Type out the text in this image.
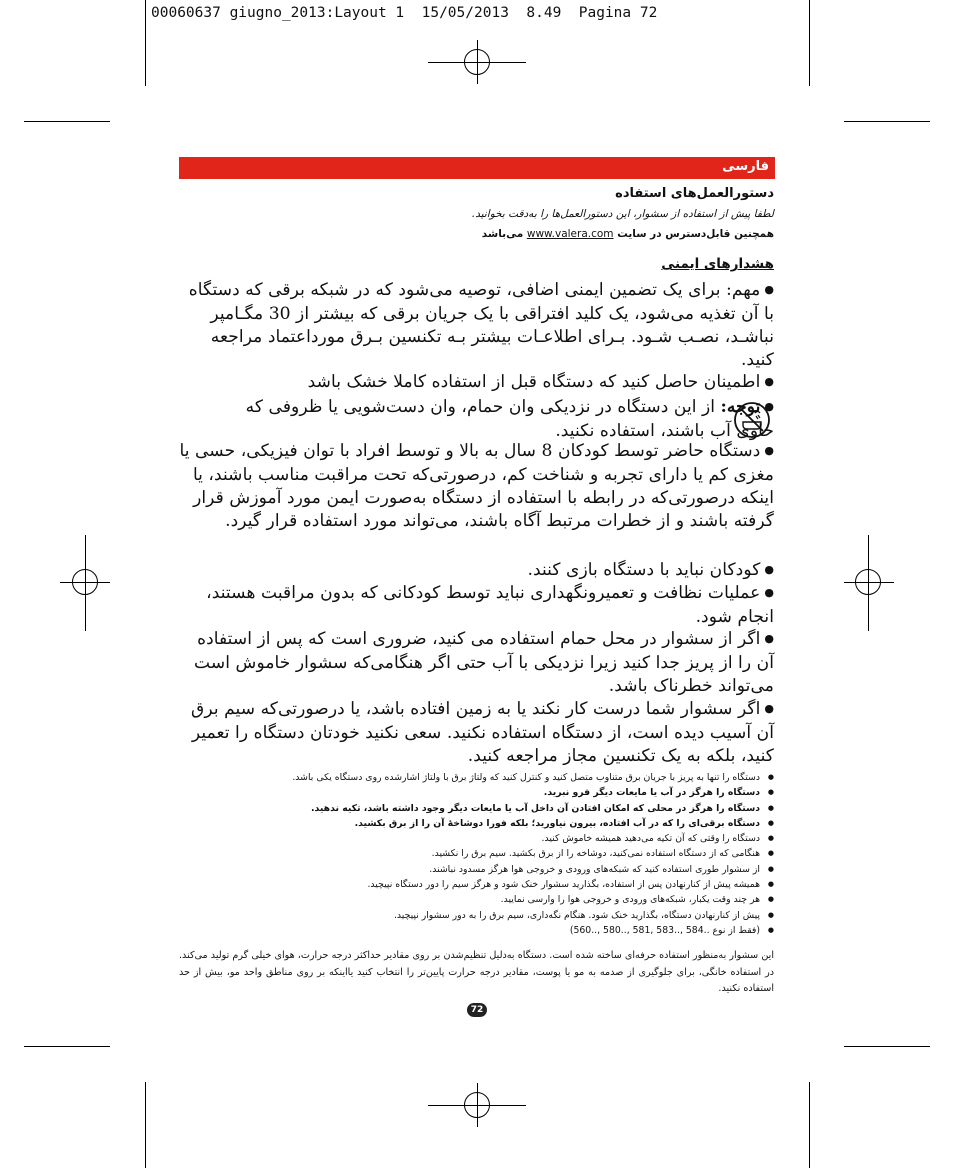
00060637 giugno_2013:Layout 1  15/05/2013  8.49  Pagina 72
فارسی
دستورالعمل‌های استفاده
لطفا پیش از استفاده از سشوار، این دستورالعمل‌ها را به‌دقت بخوانید.
همچنین قابل‌دسترس در سایت www.valera.com می‌باشد
هشدارهای ایمنی

● مهم: برای یک تضمین ایمنی اضافی، توصیه می‌شود که در شبکه برقی که دستگاه با آن تغذیه می‌شود، یک کلید افتراقی با یک جریان برقی که بیشتر از 30 مگـامپر نباشـد، نصـب شـود. بـرای اطلاعـات بیشتر بـه تکنسین بـرق مورداعتماد مراجعه کنید.

● اطمینان حاصل کنید که دستگاه قبل از استفاده کاملا خشک باشد

● توجه: از این دستگاه در نزدیکی وان حمام، وان دست‌شویی یا ظروفی که حاوی آب باشند، استفاده نکنید.

● دستگاه حاضر توسط کودکان 8 سال به بالا و توسط افراد با توان فیزیکی، حسی یا مغزی کم یا دارای تجربه و شناخت کم، درصورتی‌که تحت مراقبت مناسب باشند، یا اینکه درصورتی‌که در رابطه با استفاده از دستگاه به‌صورت ایمن مورد آموزش قرار گرفته باشند و از خطرات مرتبط آگاه باشند، می‌تواند مورد استفاده قرار گیرد.

● کودکان نباید با دستگاه بازی کنند.

● عملیات نظافت و تعمیرونگهداری نباید توسط کودکانی که بدون مراقبت هستند، انجام شود.

● اگر از سشوار در محل حمام استفاده می کنید، ضروری است که پس از استفاده آن را از پریز جدا کنید زیرا نزدیکی با آب حتی اگر هنگامی‌که سشوار خاموش است می‌تواند خطرناک باشد.

● اگر سشوار شما درست کار نکند یا به زمین افتاده باشد، یا درصورتی‌که سیم برق آن آسیب دیده است، از دستگاه استفاده نکنید. سعی نکنید خودتان دستگاه را تعمیر کنید، بلکه به یک تکنسین مجاز مراجعه کنید.

● دستگاه را تنها به پریز با جریان برق متناوب متصل کنید و کنترل کنید که ولتاژ برق با ولتاژ اشارشده روی دستگاه یکی باشد.
● دستگاه را هرگز در آب یا مایعات دیگر فرو نبرید.
● دستگاه را هرگز در محلی که امکان افتادن آن داخل آب یا مایعات دیگر وجود داشته باشد، تکیه ندهید.
● دستگاه برقی‌ای را که در آب افتاده، بیرون نیاورید؛ بلکه فورا دوشاخهٔ آن را از برق بکشید.
● دستگاه را وقتی که آن تکیه می‌دهید همیشه خاموش کنید.
● هنگامی که از دستگاه استفاده نمی‌کنید، دوشاخه را از برق بکشید. سیم برق را نکشید.
● از سشوار طوری استفاده کنید که شبکه‌های ورودی و خروجی هوا هرگز مسدود نباشند.
● همیشه پیش از کنارنهادن پس از استفاده، بگذارید سشوار خنک شود و هرگز سیم را دور دستگاه نپیچید.
● هر چند وقت یکبار، شبکه‌های ورودی و خروجی هوا را وارسی نمایید.
● پیش از کنارنهادن دستگاه، بگذارید خنک شود. هنگام نگه‌داری، سیم برق را به دور سشوار نپیچید.
● (فقط از نوع ..584 ,..583 ,581 ,..580 ,..560)
این سشوار به‌منظور استفاده حرفه‌ای ساخته شده است. دستگاه به‌دلیل تنظیم‌شدن بر روی مقادیر حداکثر درجه حرارت، هوای خیلی گرم تولید می‌کند. در استفاده خانگی، برای جلوگیری از صدمه به مو یا پوست، مقادیر درجه حرارت پایین‌تر را انتخاب کنید یااینکه بر روی مناطق واحد مو، بیش از حد استفاده نکنید.
72
